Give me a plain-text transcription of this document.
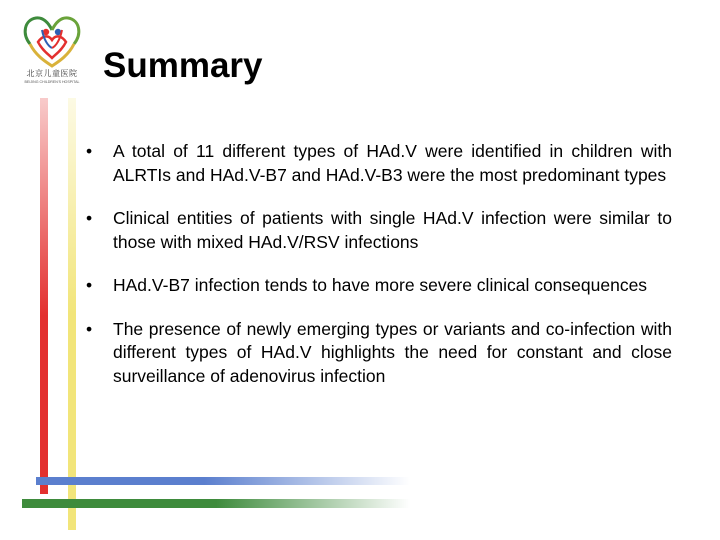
北京儿童医院
BEIJING CHILDREN'S HOSPITAL Summary
• A total of 11 different types of HAd.V were identified in children with ALRTIs and HAd.V-B7 and HAd.V-B3 were the most predominant types
• Clinical entities of patients with single HAd.V infection were similar to those with mixed HAd.V/RSV infections
• HAd.V-B7 infection tends to have more severe clinical consequences
• The presence of newly emerging types or variants and co-infection with different types of HAd.V highlights the need for constant and close surveillance of adenovirus infection
